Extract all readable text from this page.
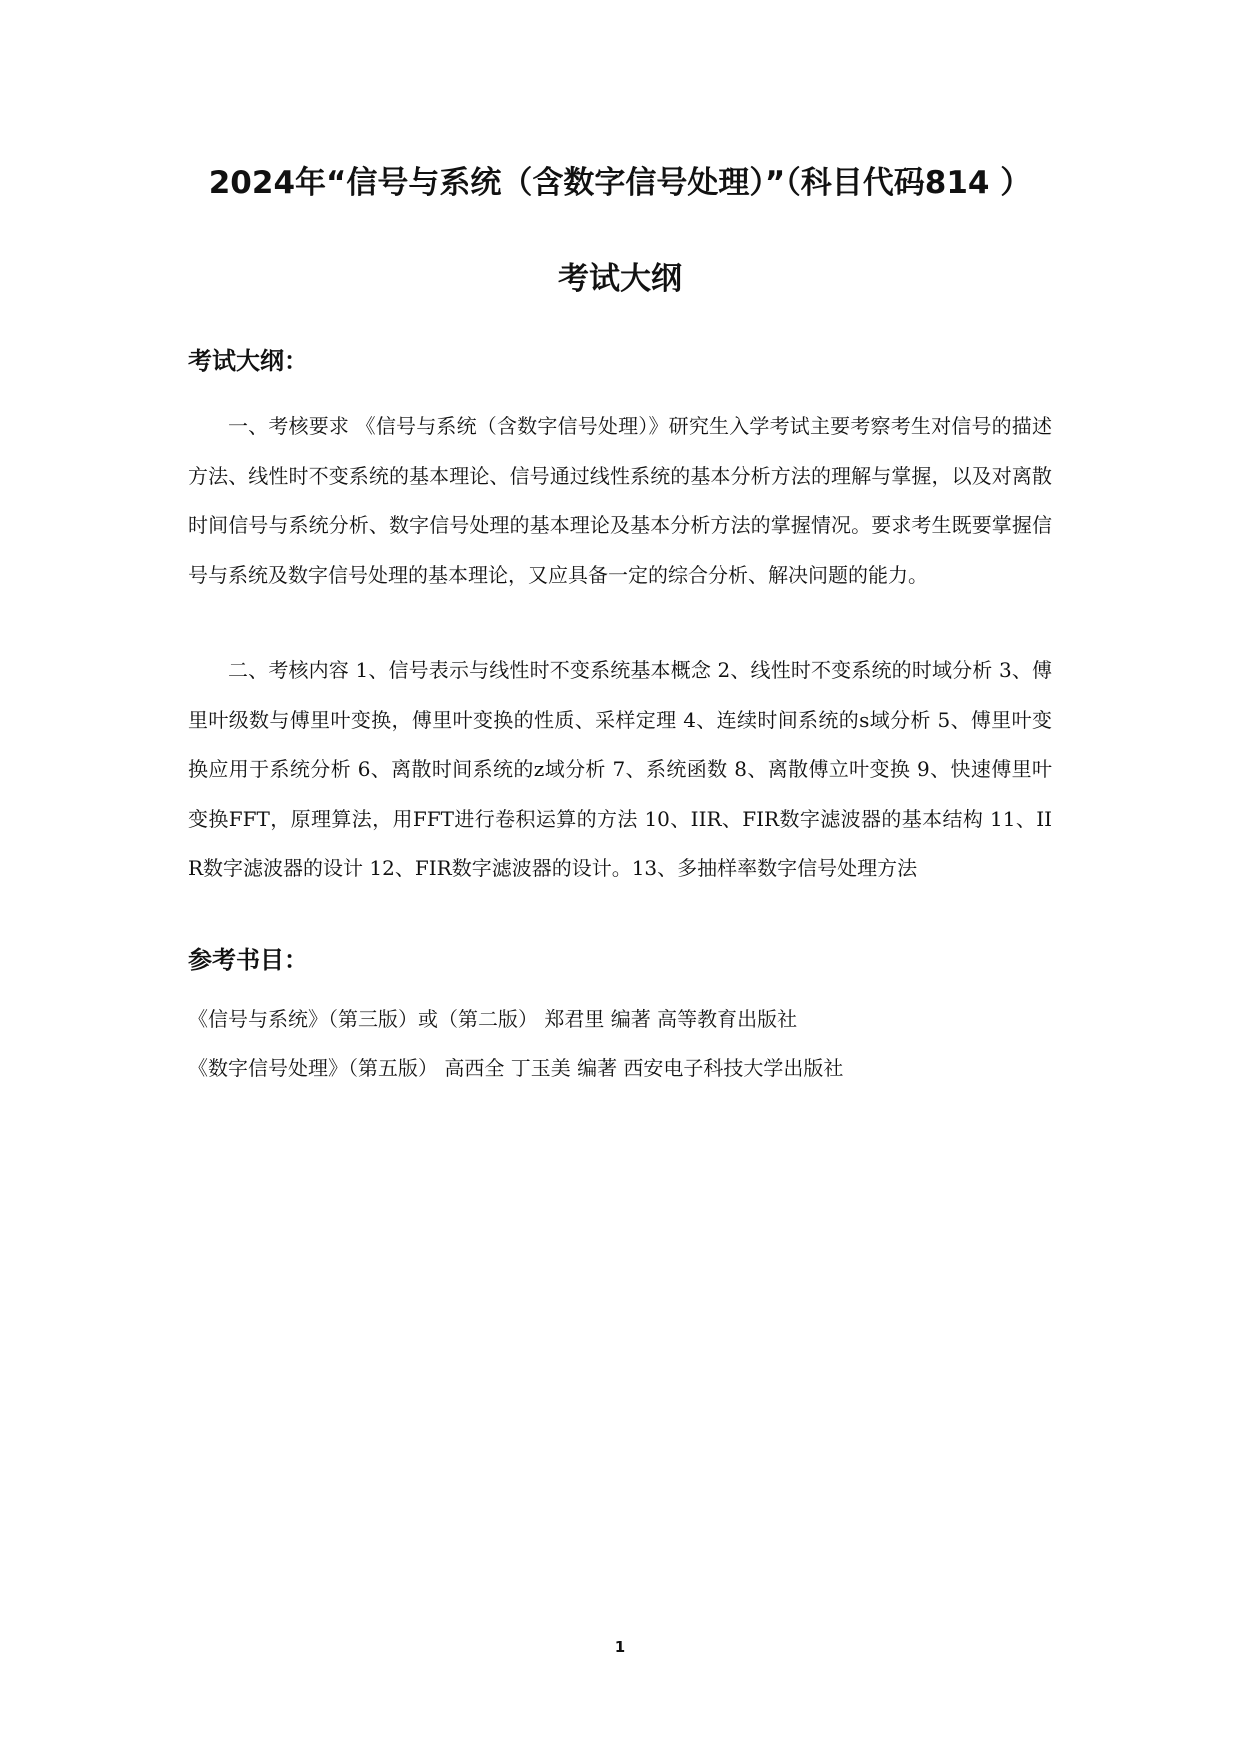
2024年“信号与系统（含数字信号处理）”（科目代码814 ）
考试大纲
考试大纲：

一、考核要求 《信号与系统（含数字信号处理）》研究生入学考试主要考察考生对信号的描述方法、线性时不变系统的基本理论、信号通过线性系统的基本分析方法的理解与掌握，以及对离散时间信号与系统分析、数字信号处理的基本理论及基本分析方法的掌握情况。要求考生既要掌握信号与系统及数字信号处理的基本理论，又应具备一定的综合分析、解决问题的能力。

二、考核内容 1、信号表示与线性时不变系统基本概念 2、线性时不变系统的时域分析 3、傅里叶级数与傅里叶变换，傅里叶变换的性质、采样定理 4、连续时间系统的s域分析 5、傅里叶变换应用于系统分析 6、离散时间系统的z域分析 7、系统函数 8、离散傅立叶变换 9、快速傅里叶变换FFT，原理算法，用FFT进行卷积运算的方法 10、IIR、FIR数字滤波器的基本结构 11、IIR数字滤波器的设计 12、FIR数字滤波器的设计。13、多抽样率数字信号处理方法

参考书目：
《信号与系统》（第三版）或（第二版） 郑君里 编著 高等教育出版社
《数字信号处理》（第五版） 高西全 丁玉美 编著 西安电子科技大学出版社
1
